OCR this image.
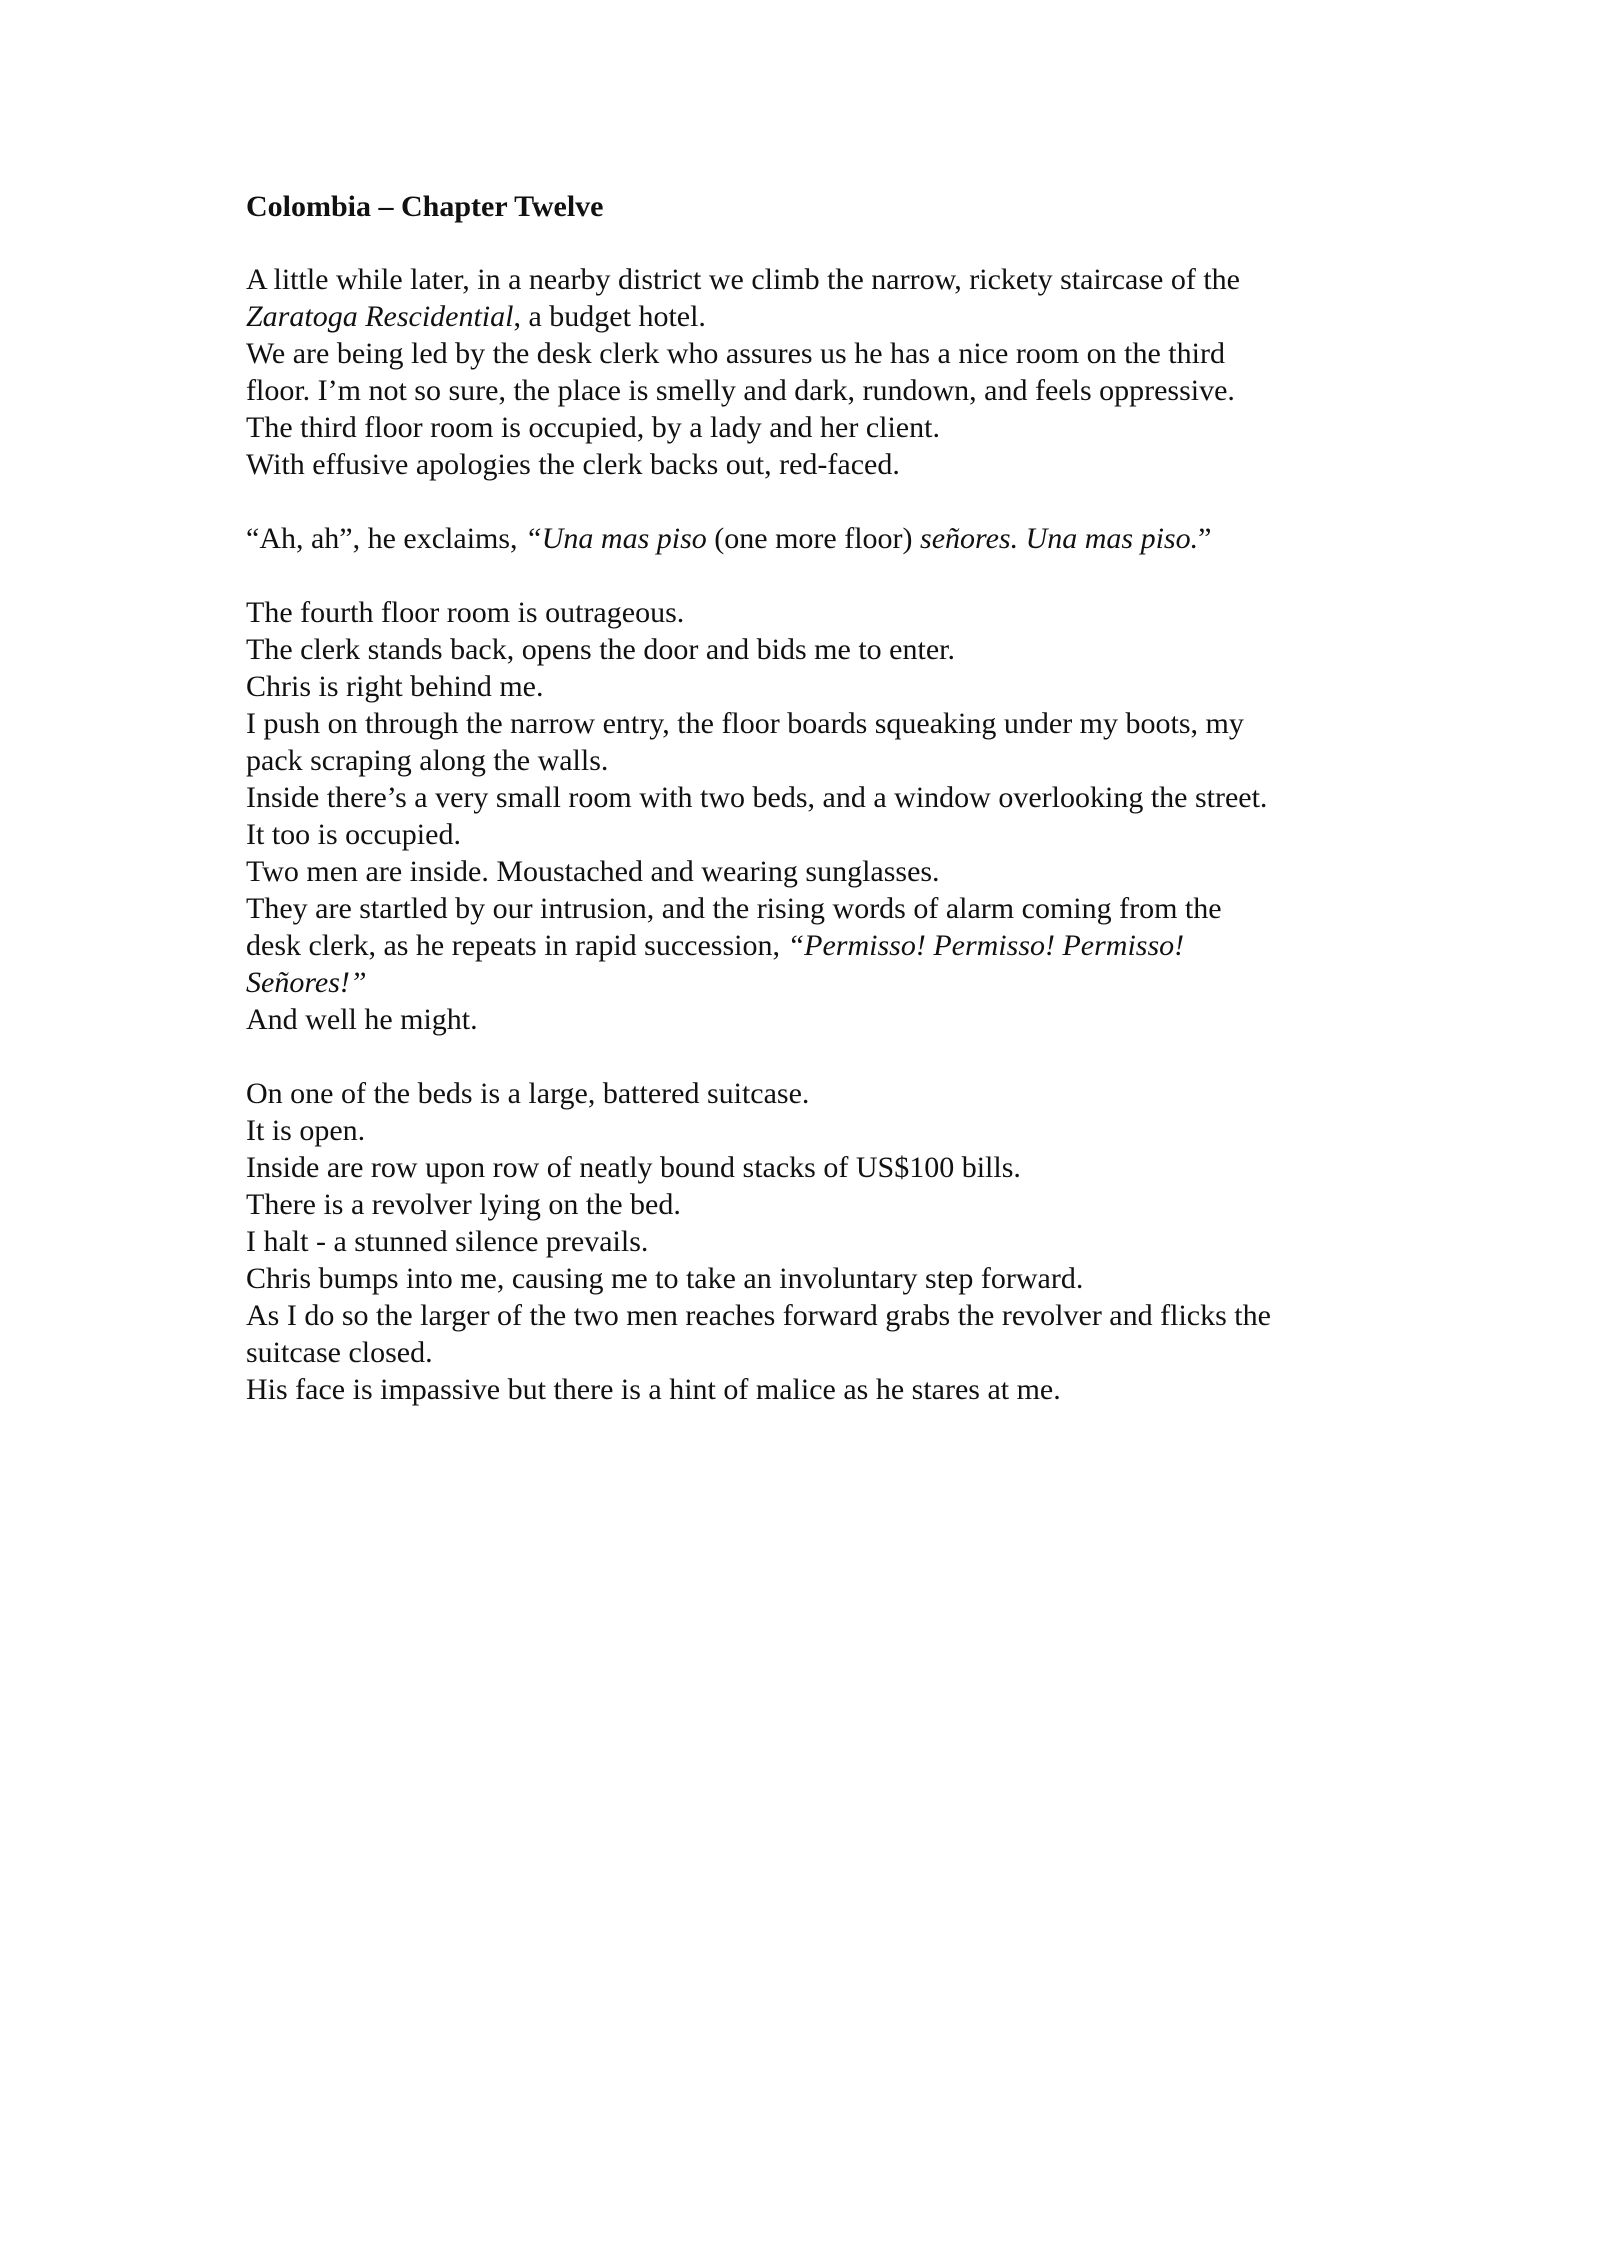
Colombia – Chapter Twelve
A little while later, in a nearby district we climb the narrow, rickety staircase of the
Zaratoga Rescidential, a budget hotel.
We are being led by the desk clerk who assures us he has a nice room on the third
floor. I’m not so sure, the place is smelly and dark, rundown, and feels oppressive.
The third floor room is occupied, by a lady and her client.
With effusive apologies the clerk backs out, red-faced.
“Ah, ah”, he exclaims, “Una mas piso (one more floor) señores. Una mas piso.”
The fourth floor room is outrageous.
The clerk stands back, opens the door and bids me to enter.
Chris is right behind me.
I push on through the narrow entry, the floor boards squeaking under my boots, my
pack scraping along the walls.
Inside there’s a very small room with two beds, and a window overlooking the street.
It too is occupied.
Two men are inside. Moustached and wearing sunglasses.
They are startled by our intrusion, and the rising words of alarm coming from the
desk clerk, as he repeats in rapid succession, “Permisso! Permisso! Permisso!
Señores!”
And well he might.
On one of the beds is a large, battered suitcase.
It is open.
Inside are row upon row of neatly bound stacks of US$100 bills.
There is a revolver lying on the bed.
I halt - a stunned silence prevails.
Chris bumps into me, causing me to take an involuntary step forward.
As I do so the larger of the two men reaches forward grabs the revolver and flicks the
suitcase closed.
His face is impassive but there is a hint of malice as he stares at me.
